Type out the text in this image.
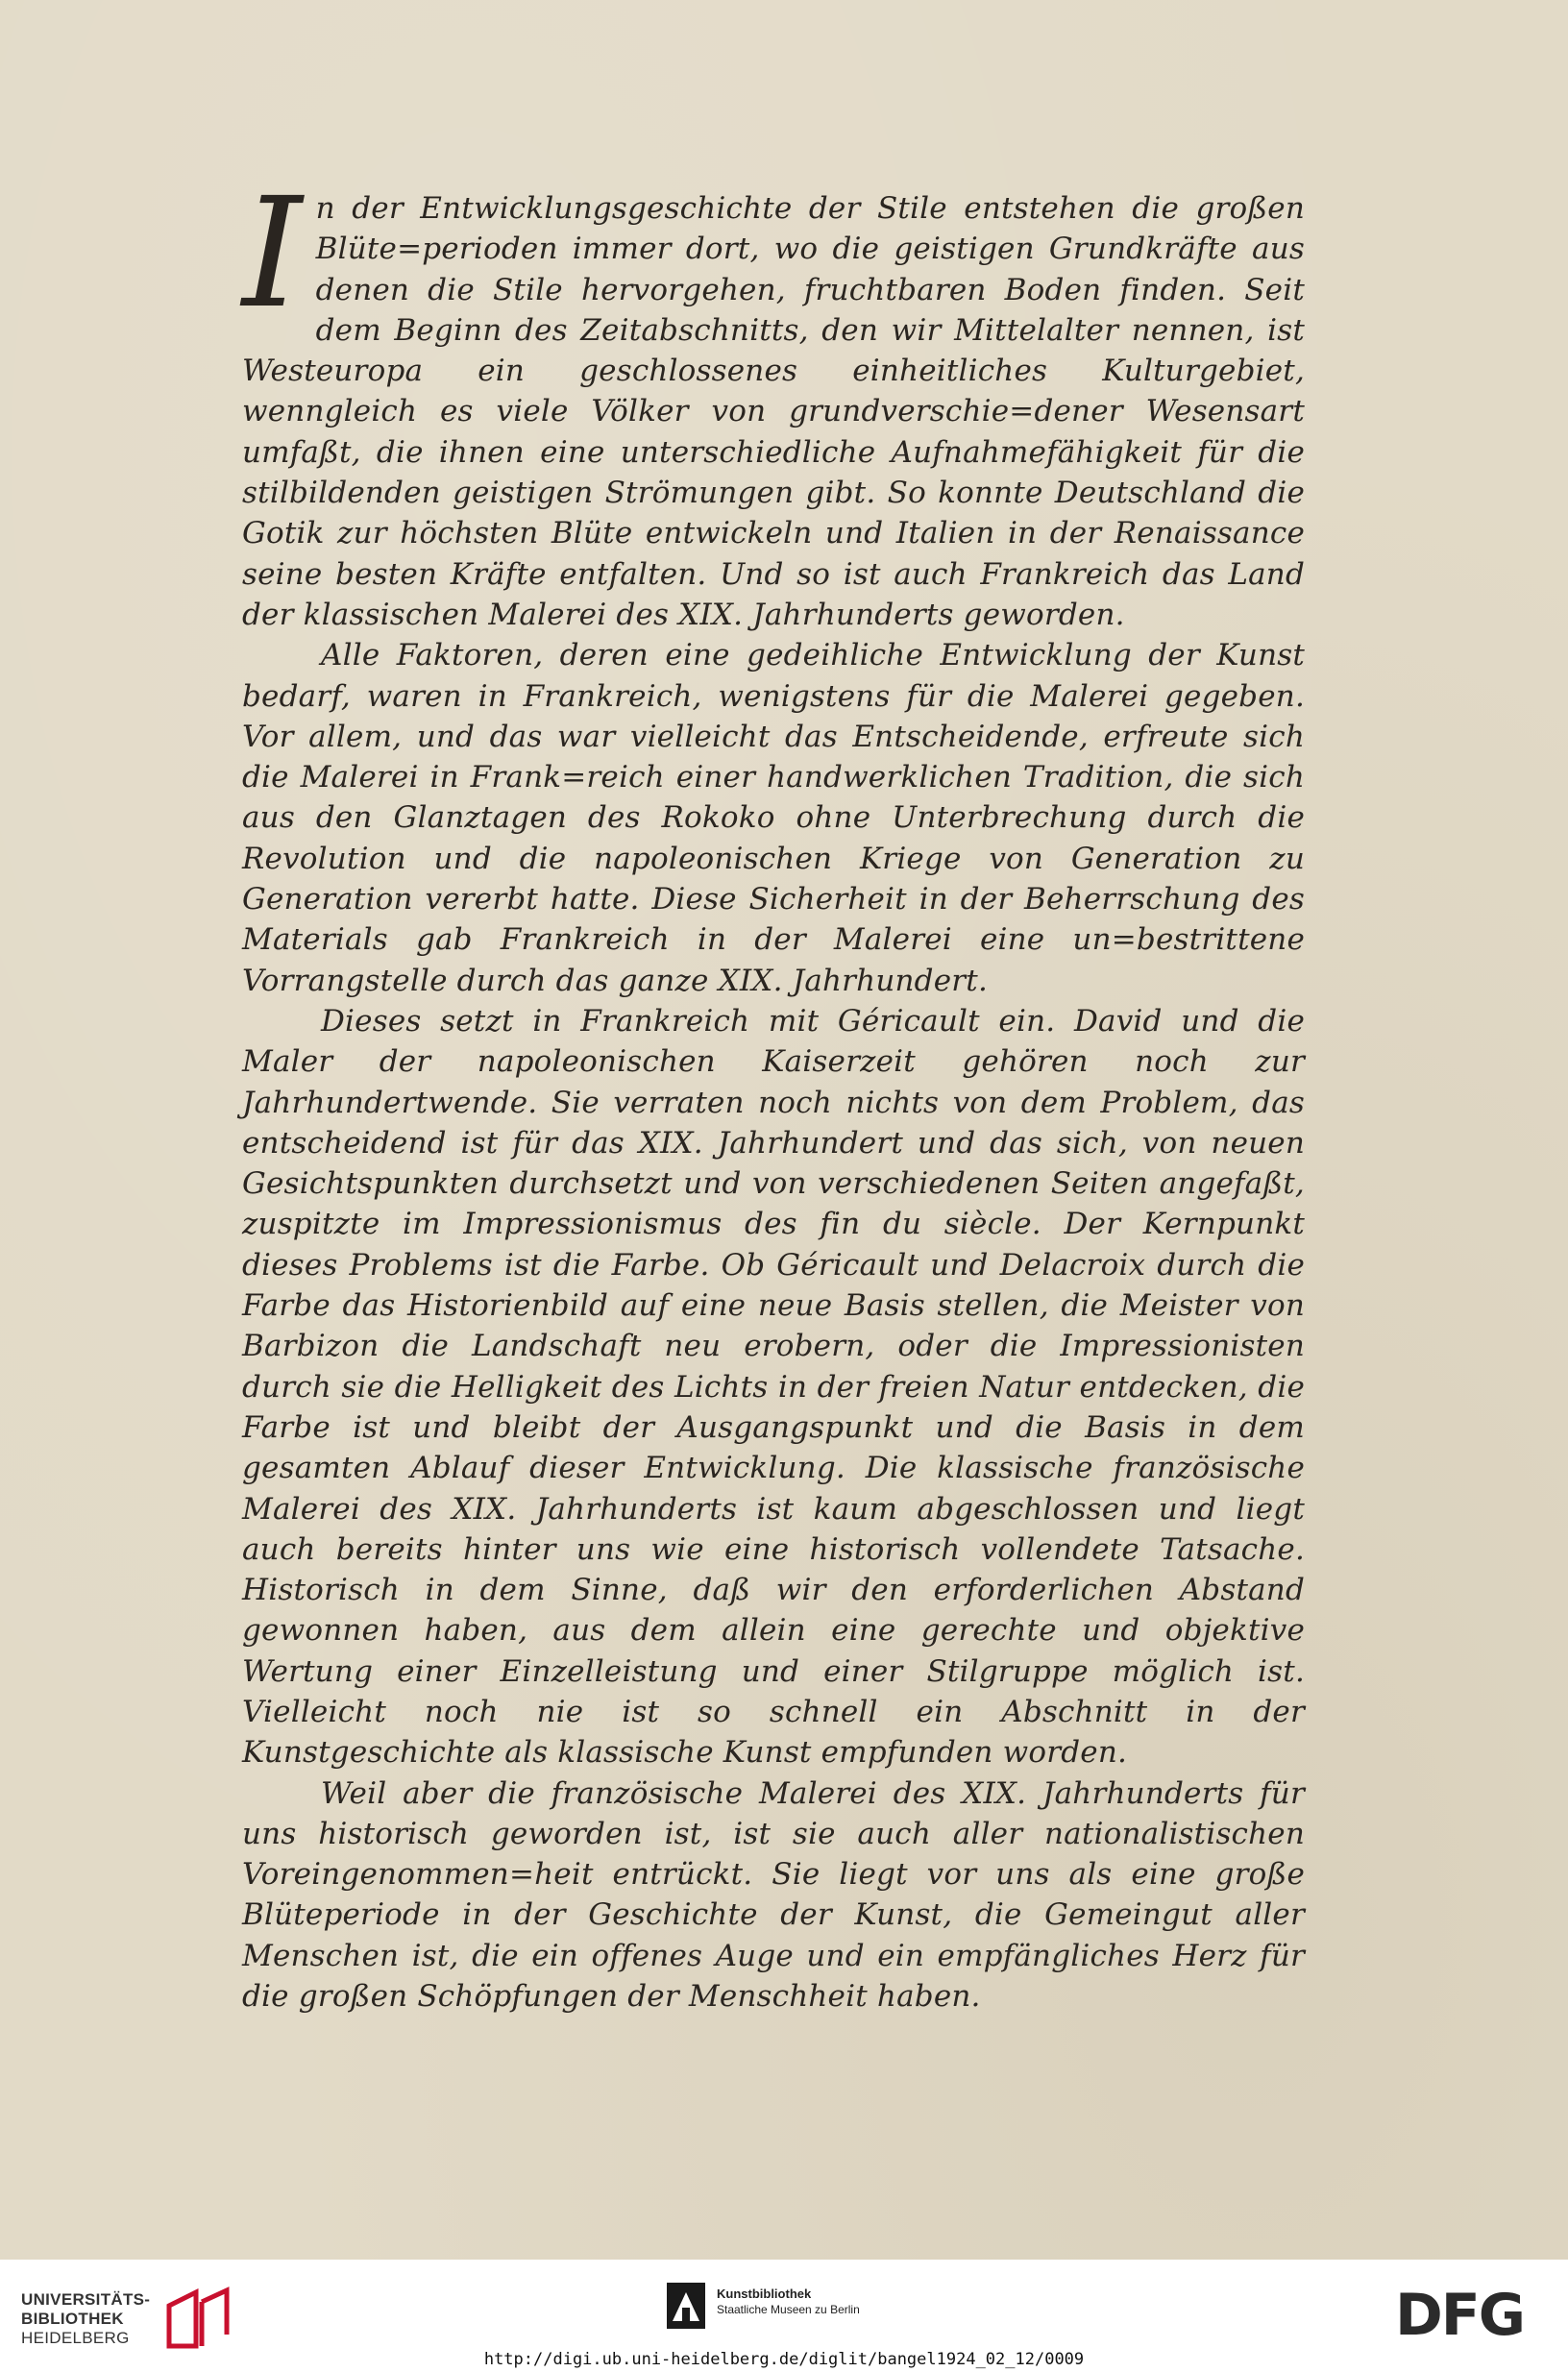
In der Entwicklungsgeschichte der Stile entstehen die großen Blüte=perioden immer dort, wo die geistigen Grundkräfte aus denen die Stile hervorgehen, fruchtbaren Boden finden. Seit dem Beginn des Zeitabschnitts, den wir Mittelalter nennen, ist Westeuropa ein geschlossenes einheitliches Kulturgebiet, wenngleich es viele Völker von grundverschie=dener Wesensart umfaßt, die ihnen eine unterschiedliche Aufnahmefähigkeit für die stilbildenden geistigen Strömungen gibt. So konnte Deutschland die Gotik zur höchsten Blüte entwickeln und Italien in der Renaissance seine besten Kräfte entfalten. Und so ist auch Frankreich das Land der klassischen Malerei des XIX. Jahrhunderts geworden.

Alle Faktoren, deren eine gedeihliche Entwicklung der Kunst bedarf, waren in Frankreich, wenigstens für die Malerei gegeben. Vor allem, und das war vielleicht das Entscheidende, erfreute sich die Malerei in Frank=reich einer handwerklichen Tradition, die sich aus den Glanztagen des Rokoko ohne Unterbrechung durch die Revolution und die napoleonischen Kriege von Generation zu Generation vererbt hatte. Diese Sicherheit in der Beherrschung des Materials gab Frankreich in der Malerei eine un=bestrittene Vorrangstelle durch das ganze XIX. Jahrhundert.

Dieses setzt in Frankreich mit Géricault ein. David und die Maler der napoleonischen Kaiserzeit gehören noch zur Jahrhundertwende. Sie verraten noch nichts von dem Problem, das entscheidend ist für das XIX. Jahrhundert und das sich, von neuen Gesichtspunkten durchsetzt und von verschiedenen Seiten angefaßt, zuspitzte im Impressionismus des fin du siècle. Der Kernpunkt dieses Problems ist die Farbe. Ob Géricault und Delacroix durch die Farbe das Historienbild auf eine neue Basis stellen, die Meister von Barbizon die Landschaft neu erobern, oder die Impressionisten durch sie die Helligkeit des Lichts in der freien Natur entdecken, die Farbe ist und bleibt der Ausgangspunkt und die Basis in dem gesamten Ablauf dieser Entwicklung. Die klassische französische Malerei des XIX. Jahrhunderts ist kaum abgeschlossen und liegt auch bereits hinter uns wie eine historisch vollendete Tatsache. Historisch in dem Sinne, daß wir den erforderlichen Abstand gewonnen haben, aus dem allein eine gerechte und objektive Wertung einer Einzelleistung und einer Stilgruppe möglich ist. Vielleicht noch nie ist so schnell ein Abschnitt in der Kunstgeschichte als klassische Kunst empfunden worden.

Weil aber die französische Malerei des XIX. Jahrhunderts für uns historisch geworden ist, ist sie auch aller nationalistischen Voreingenommen=heit entrückt. Sie liegt vor uns als eine große Blüteperiode in der Geschichte der Kunst, die Gemeingut aller Menschen ist, die ein offenes Auge und ein empfängliches Herz für die großen Schöpfungen der Menschheit haben.

UNIVERSITÄTS-
BIBLIOTHEK
HEIDELBERG
Kunstbibliothek
Staatliche Museen zu Berlin	DFG
http://digi.ub.uni-heidelberg.de/diglit/bangel1924_02_12/0009
